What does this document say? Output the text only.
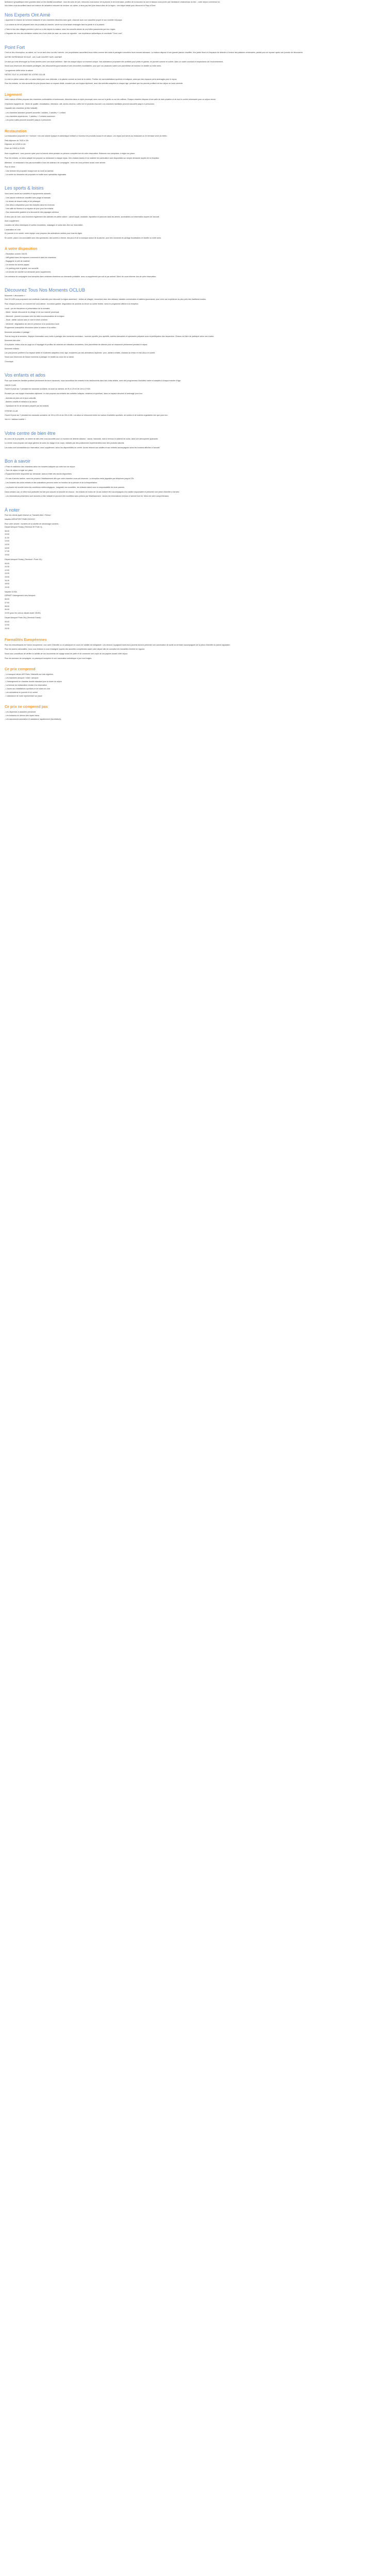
Ambiance sympathique entre grandes dans un lieu familial accueillant : tous les soirs de juin, retrouvez-vous autour de la piscine et de la terrasse, profitez de la douceur du soir et laissez-vous porter par l'ambiance chaleureuse du lieu – votre séjour commence ici.

Vos hôtes vous accueillent dans une maison de caractère entourée de verdure, au calme, à deux pas des plus beaux sites de la région : une étape idéale pour découvrir le Pays d'Ocre.

Nos Experts Ont Aimé

• Apprécier le charme de la ferme restaurée et ses chambres décorées avec goût, chacune avec son caractère propre et son mobilier d'époque.

• La cuisine du terroir préparée avec les produits du marché, servie sur la terrasse ombragée face au jardin et à la piscine.

• Faire le tour des villages perchés à pied ou à vélo depuis la maison, avec les conseils avisés de vos hôtes passionnés par leur région.

• Déguster les vins des domaines voisins lors d'une visite de cave, au coeur du vignoble : une expérience authentique et conviviale "Ocre Luxe".

Point Fort

C'est un lieu d'exception, au calme, où l'on se sent chez soi dès l'arrivée. Les propriétaires accueillent leurs hôtes comme des amis et partagent volontiers leurs bonnes adresses. La maison dispose d'une grande piscine chauffée, d'un jardin fleuri et d'espaces de détente à l'ombre des platanes centenaires, parfait pour se reposer après une journée de découverte.

NOTRE EXPÉRIENCE ÉCOLIÈ : UN CLUB OUVERT SUR L'AVENIR

Un club qui s'est développé au fil des années avec une seule ambition : faire de chaque séjour un moment unique. Nos animateurs proposent des activités pour petits et grands, en journée comme en soirée, dans un cadre convivial et respectueux de l'environnement.

Nous vous réservons des instants privilégiés, des découvertes gourmandes et des rencontres inoubliables, pour que vos vacances soient une parenthèse de bonheur en famille ou entre amis.

* programme défini selon la saison

FAÎTES TOUT À LA RONDE DE VOTRE OCLUB

Le club en pleine nature offre un cadre idéal pour vous détendre, à la piscine comme au bord de la rivière. Profitez de nos installations sportives et ludiques, ainsi que des espaces verts aménagés pour le repos.

Pour les enfants, un club accueille les plus jeunes dans un espace dédié, encadré par une équipe diplômée, avec des activités adaptées à chaque âge, pendant que les parents profitent de leur séjour en toute sérénité.

Logement

Votre maison d'hôtes propose des chambres confortables et lumineuses, décorées dans un style provençal, avec vue sur le jardin ou sur les collines. Chaque chambre dispose d'une salle de bain privative et de tout le confort nécessaire pour un séjour réussi.

Chambres équipées de : literie de qualité, climatisation, télévision, wifi, sèche-cheveux, coffre-fort et produits d'accueil. Les chambres familiales peuvent accueillir jusqu'à 4 personnes.

Capacité des chambres (à titre indicatif) :

- Les chambres standard peuvent accueillir 2 adultes, 2 adultes + 1 enfant
- Les chambres supérieures : 2 adultes + 2 enfants maximum
- Les junior suites peuvent accueillir jusqu'à 4 personnes
Restauration

La restauration proposée en « formule » est une cuisine typique et authentique mettant à l'honneur les produits locaux et de saison. Les repas sont servis au restaurant ou en terrasse selon la météo.

Petit-déjeuner de 7h30 à 10h

Déjeuner de 12h30 à 14h

Dîner de 19h30 à 21h30

Avec supplément : vous pouvez opter pour la formule demi-pension ou pension complète lors de votre réservation. Boissons non comprises, à régler sur place.

Pour les enfants, un menu adapté est proposé au restaurant à chaque repas. Des chaises hautes et du matériel de puériculture sont disponibles sur simple demande auprès de la réception.

Attention : le restaurant n'est pas accessible à tous les animaux de compagnie ; merci de nous prévenir avant votre arrivée.

Pour le dîner :

- Une formule est proposée chaque soir du lundi au samedi

- La soirée du dimanche est proposée en buffet avec spécialités régionales

Les sports & loisirs

Vous aurez accès aux activités et équipements suivants :

- Une piscine extérieure chauffée avec plage et transats
- Un terrain de beach-volley et de pétanque
- Des vélos à disposition pour des balades dans les environs
- Une salle de fitness et un espace de jeux pour les enfants
- Des randonnées guidées à la découverte des paysages alentour

À deux pas du club, vous trouverez également des activités de pleine nature : canoë-kayak, escalade, équitation et parcours dans les arbres, accessibles sur réservation auprès de l'accueil.

Avec supplément :

Location de vélos électriques et sorties encadrées, massages et soins bien-être sur réservation.

L'animation en club

En journée et en soirée, notre équipe vous propose des animations variées pour tous les âges.

En soirée, place à la convivialité avec des spectacles, des soirées à thème, des jeux et de la musique autour de la piscine, pour des moments de partage inoubliables en famille ou entre amis.

À votre disposition
- Réception ouverte 24h/24
- Wifi gratuit dans les espaces communs et dans les chambres
- Bagagerie et prêt de matériel
- Un service de laverie payant
- Un parking privé et gratuit, non surveillé
- Un service de navette sur demande (avec supplément)

Les animaux de compagnie sont acceptés dans certaines chambres sur demande préalable, avec un supplément par nuit et par animal. Merci de nous informer lors de votre réservation.

Découvrez Tous Nos Moments OCLUB

Moments « découverte » :

Des OCLUB vous proposent une multitude d'activités pour découvrir la région autrement : visites de villages, rencontres avec des artisans, balades commentées et ateliers gourmands, pour vivre une expérience au plus près des traditions locales.

Pour chaque journée, un moment fort vous attend : excursion guidée, dégustation de produits du terroir ou soirée festive, selon le programme affiché à la réception.

Lundi : pot de bienvenue et présentation de la semaine

- Mardi : balade découverte du village et de son marché provençal

- Mercredi : journée excursion vers les sites incontournables de la région

- Jeudi : atelier cuisine avec le chef et dîner à thème

- Vendredi : dégustation de vins en présence d'un producteur local

Programme susceptible d'évolution selon la saison et la météo.

Moments animation & partage :

Tout au long de la semaine, l'équipe d'animation vous invite à partager des moments conviviaux : tournois sportifs, jeux apéritifs, soirées dansantes et spectacles préparés avec la participation des vacanciers. Chacun est libre de participer selon ses envies.

Moments bien-être :

À la piscine, initiez-vous au yoga ou à l'aquagym et profitez de séances de relaxation encadrées. Une parenthèse de détente pour se ressourcer pleinement pendant le séjour.

Moments enfants :

Les plus jeunes profitent d'un espace dédié et d'activités adaptées à leur âge, encadrées par des animateurs diplômés : jeux, ateliers créatifs, chasses au trésor et mini-disco en soirée.

Nous vous réservons de beaux moments à partager en famille au coeur de la nature.

Chronique.

Vos enfants et ados

Pour que toutes les familles profitent pleinement de leurs vacances, nous accueillons les enfants et les adolescents dans des clubs dédiés, avec des programmes d'activités variés et adaptés à chaque tranche d'âge.

OKIDS CLUB

Ouvert 6 jours sur 7 pendant les vacances scolaires, du lundi au samedi, de 9h à 12h et de 14h à 17h30.

Encadré par une équipe d'animation diplômée, le club propose aux enfants des activités ludiques, créatives et sportives, dans un espace sécurisé et aménagé pour eux.

- Activités de plein air et jeux collectifs

- Ateliers créatifs et initiation à la nature

- Spectacle de fin de semaine préparé par les enfants

OTEENS CLUB

Ouvert 6 jours sur 7 pendant les vacances scolaires, de 10h à 12h et de 15h à 18h. Les ados se retrouvent entre eux autour d'activités sportives, de sorties et de soirées organisées rien que pour eux.

Voir le « tableau société »

Votre centre de bien être

Au cœur de la propriété, un centre de bien-être vous accueille pour un moment de détente absolue : sauna, hammam, bain à remous et cabines de soins, dans une atmosphère apaisante.

Le centre vous propose une large gamme de soins du visage et du corps, réalisés par des praticiennes expérimentées avec des produits naturels.

Les soins sont accessibles sur réservation, avec supplément, selon les disponibilités du centre. Accès réservé aux adultes et aux enfants accompagnés selon les horaires affichés à l'accueil.

Bon à savoir
• Prise et restitution des chambres selon les horaires indiqués sur votre bon de séjour.
• Taxe de séjour à régler sur place.
• Équipement bébé disponible sur demande, dans la limite des stocks disponibles.

- En cas d'arrivée tardive, merci de prévenir l'établissement afin que votre chambre vous soit réservée. La réception reste joignable par téléphone jusqu'à 22h.

- Les horaires des clubs enfants et des animations peuvent varier en fonction de la période et de la fréquentation.

- La piscine est ouverte selon les conditions météorologiques ; baignade non surveillée, les enfants restent sous la responsabilité de leurs parents.

Dans certains cas, un effort tout particulier est fait pour assurer la sécurité de chacun : les enfants de moins de 18 ans doivent être accompagnés d'un adulte responsable et présenter une pièce d'identité à l'arrivée.

- Les informations présentées sont données à titre indicatif et peuvent être modifiées sans préavis par l'établissement ; seules les informations remises à l'arrivée font foi. Merci de votre compréhension.

À noter

Pour les clients ayant réservé un Transfert Aller / Retour :

Navette AÉROPORT PARIS ROISSY

Pour votre arrivée : horaires de la navette de ramassage suivants :

Départ Aéroport Roissy (Terminal 2E Porte 4) :

08:30
10:00
11:30
13:00
14:30
16:00
17:30
19:00

Départ Aéroport Roissy (Terminal 1 Porte 16) :

09:00
10:30
12:00
13:30
15:00
16:30
18:00
19:30

Navette OCRA

DÉPART Hébergement vers Aéroport :

06:00
07:00
08:00
09:00
10:00 (pour les vols au départ avant 13h30)

Départ Aéroport Paris Orly (Terminal Ouest) :

09:00
12:00
15:30
Formalités Européennes

Pour les ressortissants de l'Union européenne, une carte d'identité ou un passeport en cours de validité est obligatoire. Les mineurs voyageant sans leurs parents doivent présenter une autorisation de sortie du territoire accompagnée de la pièce d'identité du parent signataire.

Pour les autres nationalités, nous vous invitons à vous renseigner auprès des autorités compétentes avant votre départ afin de connaître les formalités d'entrée en vigueur.

Nous vous conseillons de vérifier la validité de vos documents de voyage avant de partir et de conserver une copie de vos papiers durant votre séjour.

Pour les animaux de compagnie, un passeport européen et une vaccination antirabique à jour sont exigés.

Ce prix comprend
- Le transport aérien A/R Paris / Marseille sur vols réguliers
- Les transferts aéroport / hôtel / aéroport
- L'hébergement en chambre double standard pour la durée du séjour
- La formule de restauration choisie à la réservation
- L'accès aux installations sportives et de loisirs du club
- Les animations en journée et en soirée
- L'assistance de notre représentant sur place
Ce prix ne comprend pas
- Les dépenses à caractère personnel
- Les boissons en dehors des repas inclus
- Les assurances annulation et assistance rapatriement (facultatives)
